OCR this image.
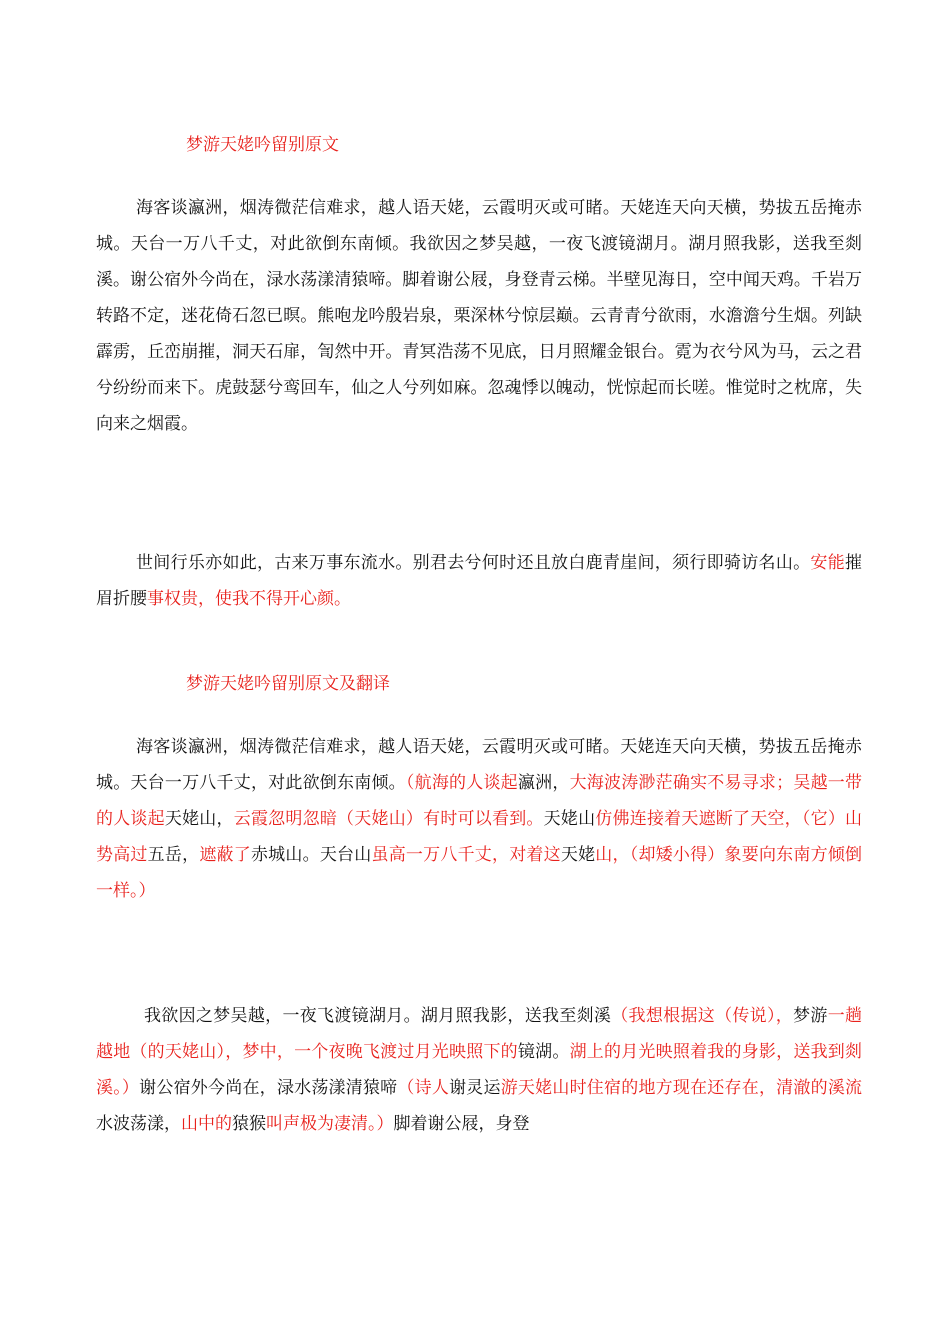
梦游天姥吟留别原文

海客谈瀛洲，烟涛微茫信难求，越人语天姥，云霞明灭或可睹。天姥连天向天横，势拔五岳掩赤城。天台一万八千丈，对此欲倒东南倾。我欲因之梦吴越，一夜飞渡镜湖月。湖月照我影，送我至剡溪。谢公宿外今尚在，渌水荡漾清猿啼。脚着谢公屐，身登青云梯。半壁见海日，空中闻天鸡。千岩万转路不定，迷花倚石忽已暝。熊咆龙吟殷岩泉，栗深林兮惊层巅。云青青兮欲雨，水澹澹兮生烟。列缺霹雳，丘峦崩摧，洞天石扉，訇然中开。青冥浩荡不见底，日月照耀金银台。霓为衣兮风为马，云之君兮纷纷而来下。虎鼓瑟兮鸾回车，仙之人兮列如麻。忽魂悸以魄动，恍惊起而长嗟。惟觉时之枕席，失向来之烟霞。

世间行乐亦如此，古来万事东流水。别君去兮何时还且放白鹿青崖间，须行即骑访名山。安能摧眉折腰事权贵，使我不得开心颜。

梦游天姥吟留别原文及翻译

海客谈瀛洲，烟涛微茫信难求，越人语天姥，云霞明灭或可睹。天姥连天向天横，势拔五岳掩赤城。天台一万八千丈，对此欲倒东南倾。（航海的人谈起瀛洲，大海波涛渺茫确实不易寻求；吴越一带的人谈起天姥山，云霞忽明忽暗（天姥山）有时可以看到。天姥山仿佛连接着天遮断了天空，（它）山势高过五岳，遮蔽了赤城山。天台山虽高一万八千丈，对着这天姥山，（却矮小得）象要向东南方倾倒一样。）

我欲因之梦吴越，一夜飞渡镜湖月。湖月照我影，送我至剡溪（我想根据这（传说），梦游一趟越地（的天姥山），梦中，一个夜晚飞渡过月光映照下的镜湖。湖上的月光映照着我的身影，送我到剡溪。）谢公宿外今尚在，渌水荡漾清猿啼（诗人谢灵运游天姥山时住宿的地方现在还存在，清澈的溪流水波荡漾，山中的猿猴叫声极为凄清。）脚着谢公屐，身登
